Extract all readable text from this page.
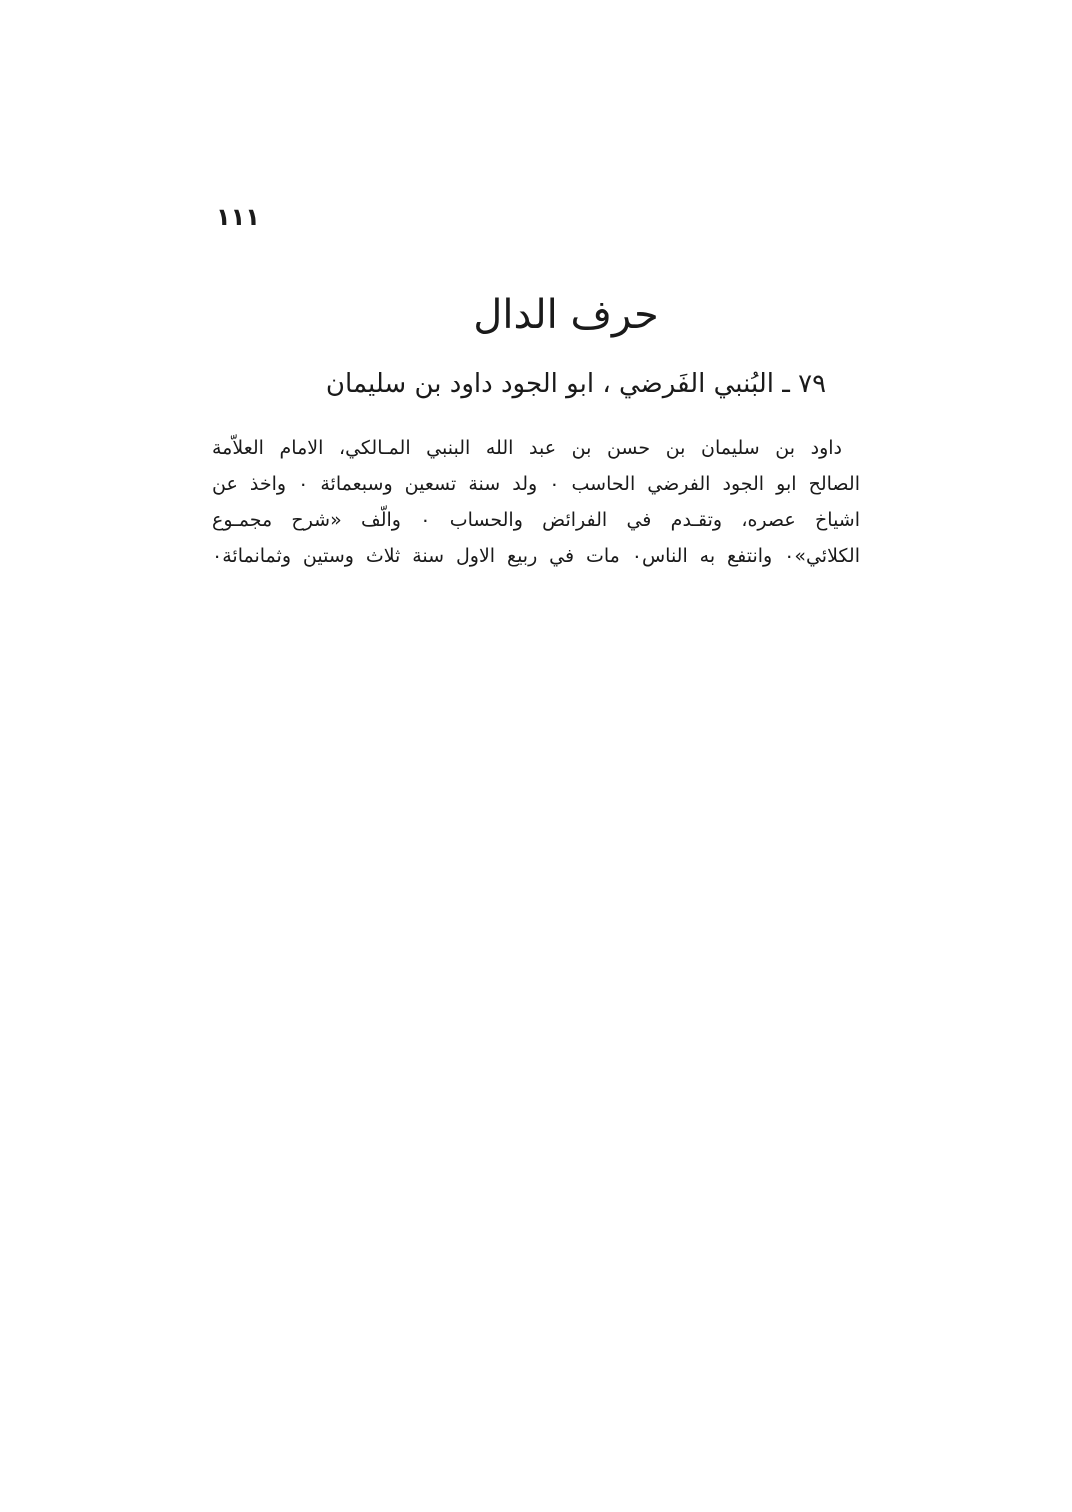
١١١
حرف الدال
٧٩ ـ البُنبي الفَرضي ، ابو الجود داود بن سليمان
داود بن سليمان بن حسن بن عبد الله البنبي المـالكي، الامام العلاّمة
الصالح ابو الجود الفرضي الحاسب ٠ ولد سنة تسعين وسبعمائة ٠ واخذ عن
اشياخ عصره، وتقـدم في الفرائض والحساب ٠ والّف «شرح مجمـوع
الكلائي»٠ وانتفع به الناس٠ مات في ربيع الاول سنة ثلاث وستين وثمانمائة٠
